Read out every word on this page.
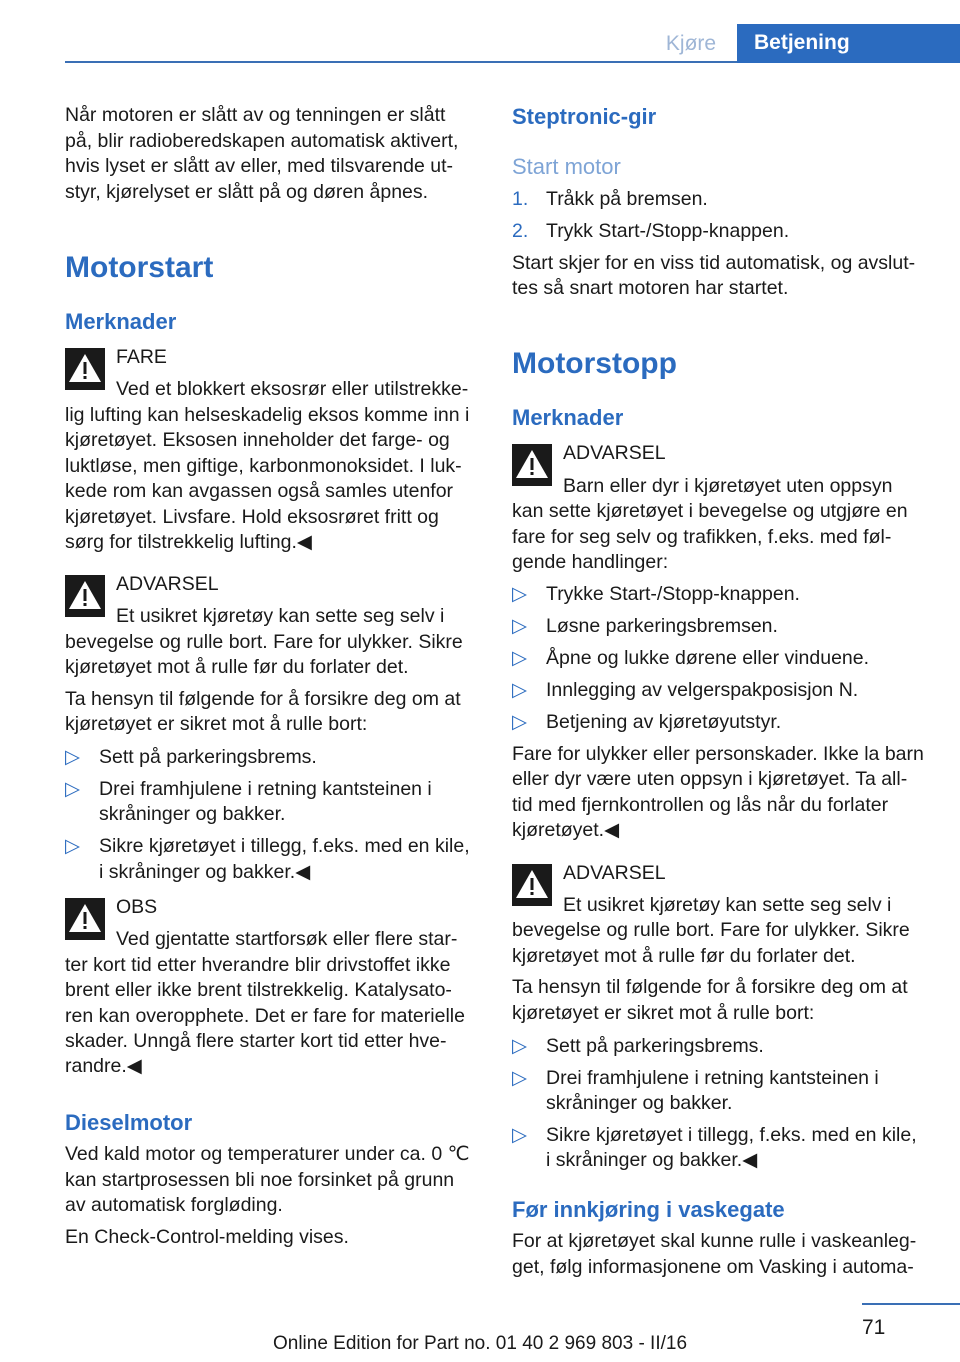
Kjøre	Betjening

Når motoren er slått av og tenningen er slått

på, blir radioberedskapen automatisk aktivert,

hvis lyset er slått av eller, med tilsvarende ut‐

styr, kjørelyset er slått på og døren åpnes.

Motorstart

Merknader

FARE

Ved et blokkert eksosrør eller utilstrekke‐

lig lufting kan helseskadelig eksos komme inn i

kjøretøyet. Eksosen inneholder det farge- og

luktløse, men giftige, karbonmonoksidet. I luk‐

kede rom kan avgassen også samles utenfor

kjøretøyet. Livsfare. Hold eksosrøret fritt og

sørg for tilstrekkelig lufting.◀

ADVARSEL

Et usikret kjøretøy kan sette seg selv i

bevegelse og rulle bort. Fare for ulykker. Sikre

kjøretøyet mot å rulle før du forlater det.

Ta hensyn til følgende for å forsikre deg om at

kjøretøyet er sikret mot å rulle bort:

▷ Sett på parkeringsbrems.

▷ Drei framhjulene i retning kantsteinen i

skråninger og bakker.

▷ Sikre kjøretøyet i tillegg, f.eks. med en kile,

i skråninger og bakker.◀

OBS

Ved gjentatte startforsøk eller flere star‐

ter kort tid etter hverandre blir drivstoffet ikke

brent eller ikke brent tilstrekkelig. Katalysato‐

ren kan overopphete. Det er fare for materielle

skader. Unngå flere starter kort tid etter hve‐

randre.◀

Dieselmotor

Ved kald motor og temperaturer under ca. 0 ℃

kan startprosessen bli noe forsinket på grunn

av automatisk forgløding.

En Check-Control-melding vises.

Steptronic-gir

Start motor

1. Tråkk på bremsen.

2. Trykk Start-/Stopp-knappen.

Start skjer for en viss tid automatisk, og avslut‐

tes så snart motoren har startet.

Motorstopp

Merknader

ADVARSEL

Barn eller dyr i kjøretøyet uten oppsyn

kan sette kjøretøyet i bevegelse og utgjøre en

fare for seg selv og trafikken, f.eks. med føl‐

gende handlinger:

▷ Trykke Start-/Stopp-knappen.

▷ Løsne parkeringsbremsen.

▷ Åpne og lukke dørene eller vinduene.

▷ Innlegging av velgerspakposisjon N.

▷ Betjening av kjøretøyutstyr.

Fare for ulykker eller personskader. Ikke la barn

eller dyr være uten oppsyn i kjøretøyet. Ta all‐

tid med fjernkontrollen og lås når du forlater

kjøretøyet.◀

ADVARSEL

Et usikret kjøretøy kan sette seg selv i

bevegelse og rulle bort. Fare for ulykker. Sikre

kjøretøyet mot å rulle før du forlater det.

Ta hensyn til følgende for å forsikre deg om at

kjøretøyet er sikret mot å rulle bort:

▷ Sett på parkeringsbrems.

▷ Drei framhjulene i retning kantsteinen i

skråninger og bakker.

▷ Sikre kjøretøyet i tillegg, f.eks. med en kile,

i skråninger og bakker.◀

Før innkjøring i vaskegate

For at kjøretøyet skal kunne rulle i vaskeanleg‐

get, følg informasjonene om Vasking i automa‐

71
Online Edition for Part no. 01 40 2 969 803 - II/16
